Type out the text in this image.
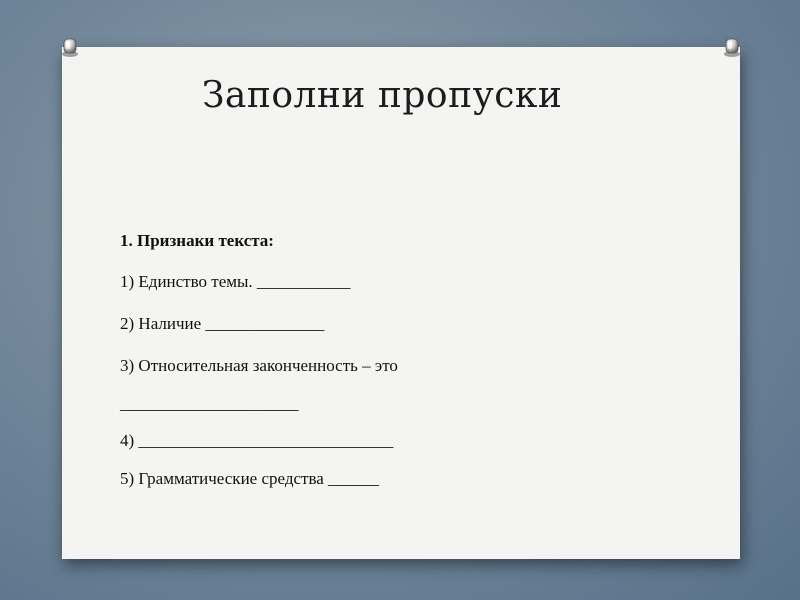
Заполни пропуски
1. Признаки текста:
1) Единство темы. ___________
2) Наличие ______________
3) Относительная законченность – это
_____________________
4) ______________________________
5) Грамматические средства ______
